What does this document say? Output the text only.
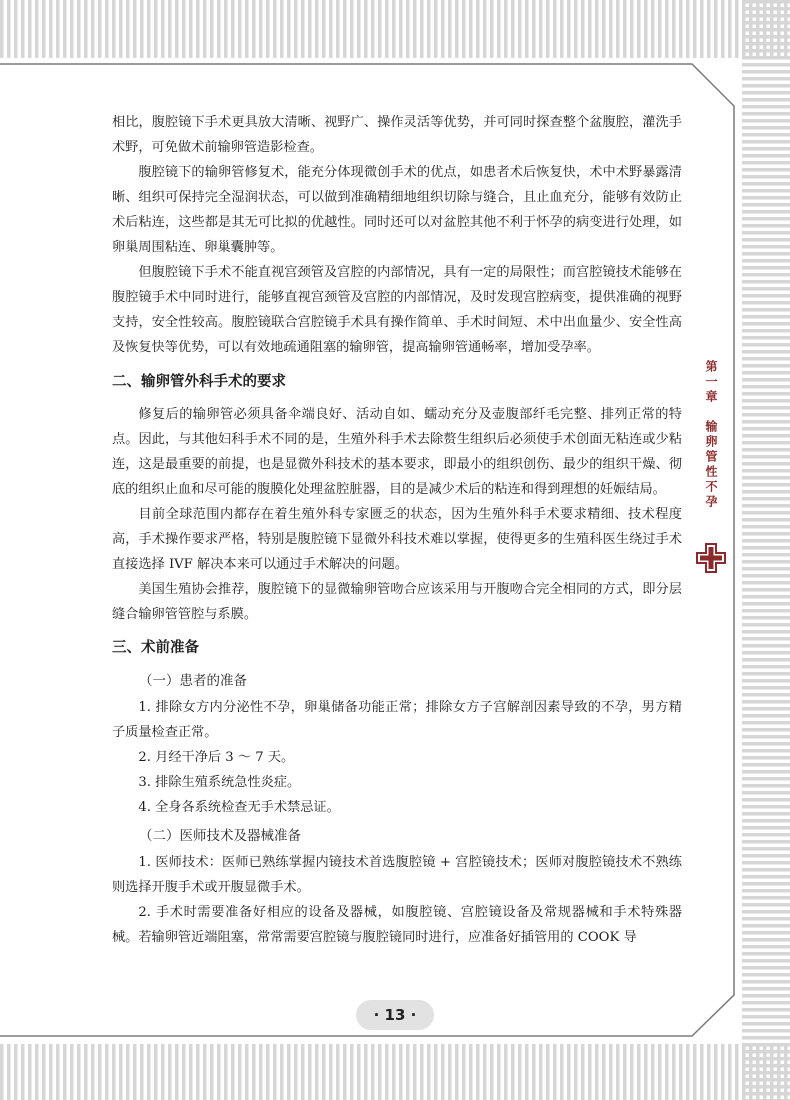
相比，腹腔镜下手术更具放大清晰、视野广、操作灵活等优势，并可同时探查整个盆腹腔，灌洗手术野，可免做术前输卵管造影检查。

腹腔镜下的输卵管修复术，能充分体现微创手术的优点，如患者术后恢复快，术中术野暴露清晰、组织可保持完全湿润状态，可以做到准确精细地组织切除与缝合，且止血充分，能够有效防止术后粘连，这些都是其无可比拟的优越性。同时还可以对盆腔其他不利于怀孕的病变进行处理，如卵巢周围粘连、卵巢囊肿等。

但腹腔镜下手术不能直视宫颈管及宫腔的内部情况，具有一定的局限性；而宫腔镜技术能够在腹腔镜手术中同时进行，能够直视宫颈管及宫腔的内部情况，及时发现宫腔病变，提供准确的视野支持，安全性较高。腹腔镜联合宫腔镜手术具有操作简单、手术时间短、术中出血量少、安全性高及恢复快等优势，可以有效地疏通阻塞的输卵管，提高输卵管通畅率，增加受孕率。

二、输卵管外科手术的要求

修复后的输卵管必须具备伞端良好、活动自如、蠕动充分及壶腹部纤毛完整、排列正常的特点。因此，与其他妇科手术不同的是，生殖外科手术去除赘生组织后必须使手术创面无粘连或少粘连，这是最重要的前提，也是显微外科技术的基本要求，即最小的组织创伤、最少的组织干燥、彻底的组织止血和尽可能的腹膜化处理盆腔脏器，目的是减少术后的粘连和得到理想的妊娠结局。

目前全球范围内都存在着生殖外科专家匮乏的状态，因为生殖外科手术要求精细、技术程度高，手术操作要求严格，特别是腹腔镜下显微外科技术难以掌握，使得更多的生殖科医生绕过手术直接选择 IVF 解决本来可以通过手术解决的问题。

美国生殖协会推荐，腹腔镜下的显微输卵管吻合应该采用与开腹吻合完全相同的方式，即分层缝合输卵管管腔与系膜。

三、术前准备
（一）患者的准备

1. 排除女方内分泌性不孕，卵巢储备功能正常；排除女方子宫解剖因素导致的不孕，男方精子质量检查正常。

2. 月经干净后 3 ～ 7 天。

3. 排除生殖系统急性炎症。

4. 全身各系统检查无手术禁忌证。

（二）医师技术及器械准备

1. 医师技术：医师已熟练掌握内镜技术首选腹腔镜 + 宫腔镜技术；医师对腹腔镜技术不熟练则选择开腹手术或开腹显微手术。

2. 手术时需要准备好相应的设备及器械，如腹腔镜、宫腔镜设备及常规器械和手术特殊器械。若输卵管近端阻塞，常常需要宫腔镜与腹腔镜同时进行，应准备好插管用的 COOK 导

第一章　输卵管性不孕
· 13 ·
